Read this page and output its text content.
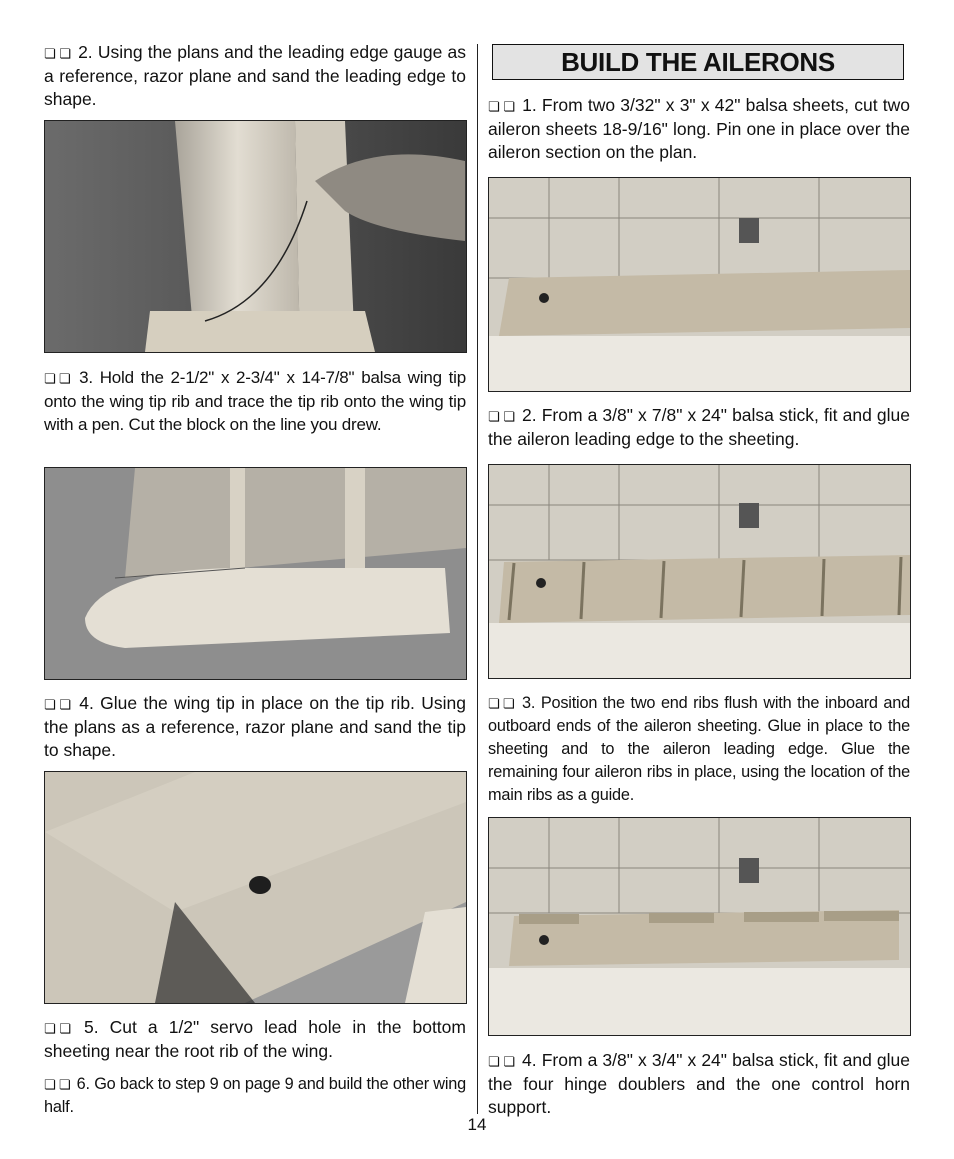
❏ ❏ 2. Using the plans and the leading edge gauge as a reference, razor plane and sand the leading edge to shape.

❏ ❏ 3. Hold the 2-1/2" x 2-3/4" x 14-7/8" balsa wing tip onto the wing tip rib and trace the tip rib onto the wing tip with a pen. Cut the block on the line you drew.

❏ ❏ 4. Glue the wing tip in place on the tip rib. Using the plans as a reference, razor plane and sand the tip to shape.

❏ ❏ 5. Cut a 1/2" servo lead hole in the bottom sheeting near the root rib of the wing.

❏ ❏ 6. Go back to step 9 on page 9 and build the other wing half.

BUILD THE AILERONS

❏ ❏ 1. From two 3/32" x 3" x 42" balsa sheets, cut two aileron sheets 18-9/16" long. Pin one in place over the aileron section on the plan.

❏ ❏ 2. From a 3/8" x 7/8" x 24" balsa stick, fit and glue the aileron leading edge to the sheeting.

❏ ❏ 3. Position the two end ribs flush with the inboard and outboard ends of the aileron sheeting. Glue in place to the sheeting and to the aileron leading edge. Glue the remaining four aileron ribs in place, using the location of the main ribs as a guide.

❏ ❏ 4. From a 3/8" x 3/4" x 24" balsa stick, fit and glue the four hinge doublers and the one control horn support.

14
